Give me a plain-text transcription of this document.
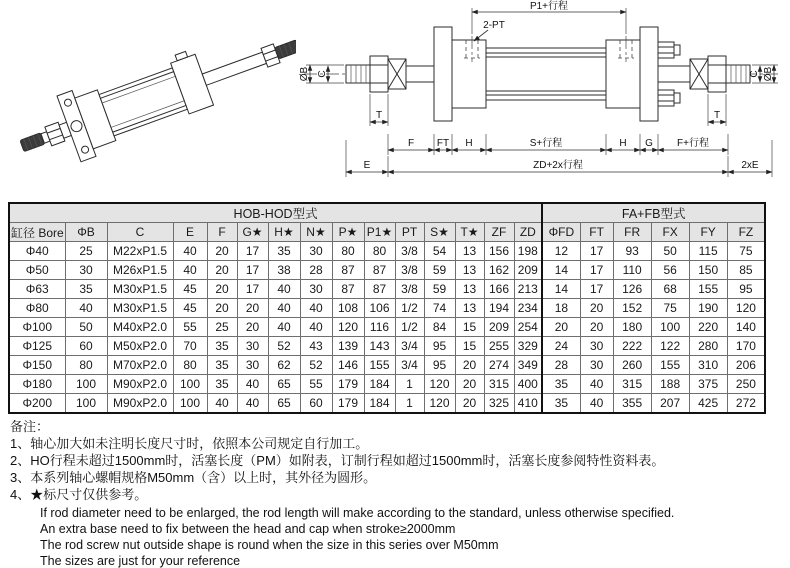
P1+行程
2-PT
ØB C	C ØB
T	T
F FT H	S+行程	H G F+行程
E	ZD+2x行程	2xE
HOB-HOD型式															FA+FB型式					
缸径 Bore	ΦB	C	E	F	G★	H★	N★	P★	P1★	PT	S★	T★	ZF	ZD	ΦFD	FT	FR	FX	FY	FZ
Φ40	25	M22xP1.5	40	20	17	35	30	80	80	3/8	54	13	156	198	12	17	93	50	115	75
Φ50	30	M26xP1.5	40	20	17	38	28	87	87	3/8	59	13	162	209	14	17	110	56	150	85
Φ63	35	M30xP1.5	45	20	17	40	30	87	87	3/8	59	13	166	213	14	17	126	68	155	95
Φ80	40	M30xP1.5	45	20	20	40	40	108	106	1/2	74	13	194	234	18	20	152	75	190	120
Φ100	50	M40xP2.0	55	25	20	40	40	120	116	1/2	84	15	209	254	20	20	180	100	220	140
Φ125	60	M50xP2.0	70	35	30	52	43	139	143	3/4	95	15	255	329	24	30	222	122	280	170
Φ150	80	M70xP2.0	80	35	30	62	52	146	155	3/4	95	20	274	349	28	30	260	155	310	206
Φ180	100	M90xP2.0	100	35	40	65	55	179	184	1	120	20	315	400	35	40	315	188	375	250
Φ200	100	M90xP2.0	100	40	40	65	60	179	184	1	120	20	325	410	35	40	355	207	425	272
备注：
1、轴心加大如未注明长度尺寸时，依照本公司规定自行加工。
2、HO行程未超过1500mm时，活塞长度（PM）如附表，订制行程如超过1500mm时，活塞长度参阅特性资料表。
3、本系列轴心螺帽规格M50mm（含）以上时，其外径为圆形。
4、★标尺寸仅供参考。
If rod diameter need to be enlarged, the rod length will make according to the standard, unless otherwise specified.
An extra base need to fix between the head and cap when stroke≥2000mm
The rod screw nut outside shape is round when the size in this series over M50mm
The sizes are just for your reference
